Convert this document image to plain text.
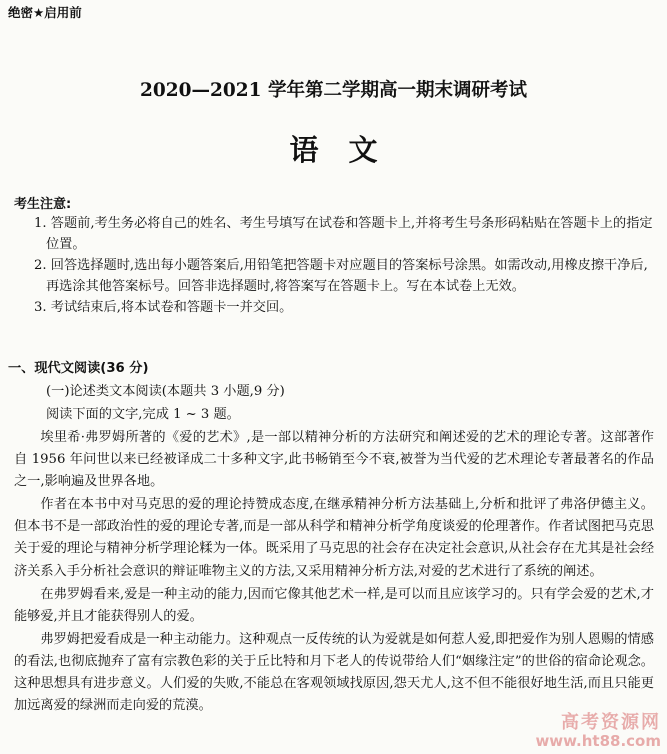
绝密★启用前
2020—2021 学年第二学期高一期末调研考试
语文
考生注意:
1. 答题前,考生务必将自己的姓名、考生号填写在试卷和答题卡上,并将考生号条形码粘贴在答题卡上的指定位置。
2. 回答选择题时,选出每小题答案后,用铅笔把答题卡对应题目的答案标号涂黑。如需改动,用橡皮擦干净后,再选涂其他答案标号。回答非选择题时,将答案写在答题卡上。写在本试卷上无效。
3. 考试结束后,将本试卷和答题卡一并交回。
一、现代文阅读(36 分)
(一)论述类文本阅读(本题共 3 小题,9 分)
阅读下面的文字,完成 1 ~ 3 题。

埃里希·弗罗姆所著的《爱的艺术》,是一部以精神分析的方法研究和阐述爱的艺术的理论专著。这部著作自 1956 年问世以来已经被译成二十多种文字,此书畅销至今不衰,被誉为当代爱的艺术理论专著最著名的作品之一,影响遍及世界各地。

作者在本书中对马克思的爱的理论持赞成态度,在继承精神分析方法基础上,分析和批评了弗洛伊德主义。但本书不是一部政治性的爱的理论专著,而是一部从科学和精神分析学角度谈爱的伦理著作。作者试图把马克思关于爱的理论与精神分析学理论糅为一体。既采用了马克思的社会存在决定社会意识,从社会存在尤其是社会经济关系入手分析社会意识的辩证唯物主义的方法,又采用精神分析方法,对爱的艺术进行了系统的阐述。

在弗罗姆看来,爱是一种主动的能力,因而它像其他艺术一样,是可以而且应该学习的。只有学会爱的艺术,才能够爱,并且才能获得别人的爱。

弗罗姆把爱看成是一种主动能力。这种观点一反传统的认为爱就是如何惹人爱,即把爱作为别人恩赐的情感的看法,也彻底抛弃了富有宗教色彩的关于丘比特和月下老人的传说带给人们“姻缘注定”的世俗的宿命论观念。这种思想具有进步意义。人们爱的失败,不能总在客观领域找原因,怨天尤人,这不但不能很好地生活,而且只能更加远离爱的绿洲而走向爱的荒漠。

高考资源网
www.ht88.com
